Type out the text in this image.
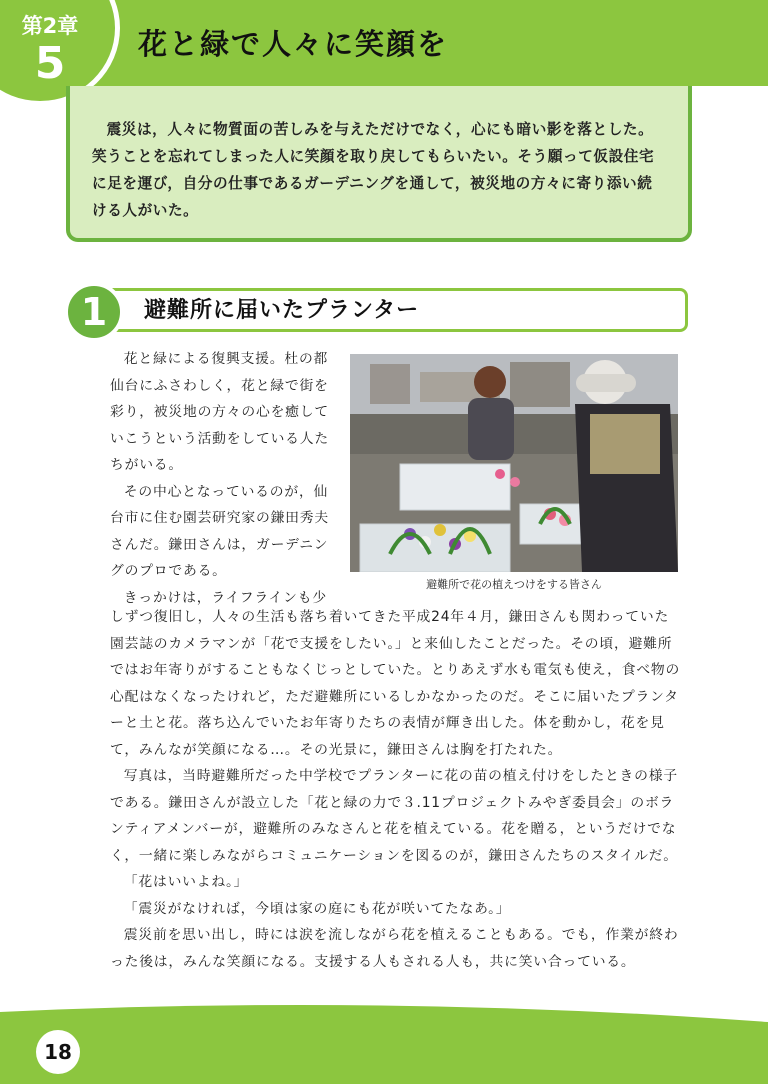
第2章
5	花と緑で人々に笑顔を

震災は，人々に物質面の苦しみを与えただけでなく，心にも暗い影を落とした。笑うことを忘れてしまった人に笑顔を取り戻してもらいたい。そう願って仮設住宅に足を運び，自分の仕事であるガーデニングを通して，被災地の方々に寄り添い続ける人がいた。

1	避難所に届いたプランター

花と緑による復興支援。杜の都仙台にふさわしく，花と緑で街を彩り，被災地の方々の心を癒していこうという活動をしている人たちがいる。

その中心となっているのが，仙台市に住む園芸研究家の鎌田秀夫さんだ。鎌田さんは，ガーデニングのプロである。

きっかけは，ライフラインも少

避難所で花の植えつけをする皆さん

しずつ復旧し，人々の生活も落ち着いてきた平成24年４月，鎌田さんも関わっていた園芸誌のカメラマンが「花で支援をしたい。」と来仙したことだった。その頃，避難所ではお年寄りがすることもなくじっとしていた。とりあえず水も電気も使え，食べ物の心配はなくなったけれど，ただ避難所にいるしかなかったのだ。そこに届いたプランターと土と花。落ち込んでいたお年寄りたちの表情が輝き出した。体を動かし，花を見て，みんなが笑顔になる…。その光景に，鎌田さんは胸を打たれた。

写真は，当時避難所だった中学校でプランターに花の苗の植え付けをしたときの様子である。鎌田さんが設立した「花と緑の力で３.11プロジェクトみやぎ委員会」のボランティアメンバーが，避難所のみなさんと花を植えている。花を贈る，というだけでなく，一緒に楽しみながらコミュニケーションを図るのが，鎌田さんたちのスタイルだ。

「花はいいよね。」

「震災がなければ，今頃は家の庭にも花が咲いてたなあ。」

震災前を思い出し，時には涙を流しながら花を植えることもある。でも，作業が終わった後は，みんな笑顔になる。支援する人もされる人も，共に笑い合っている。

18
